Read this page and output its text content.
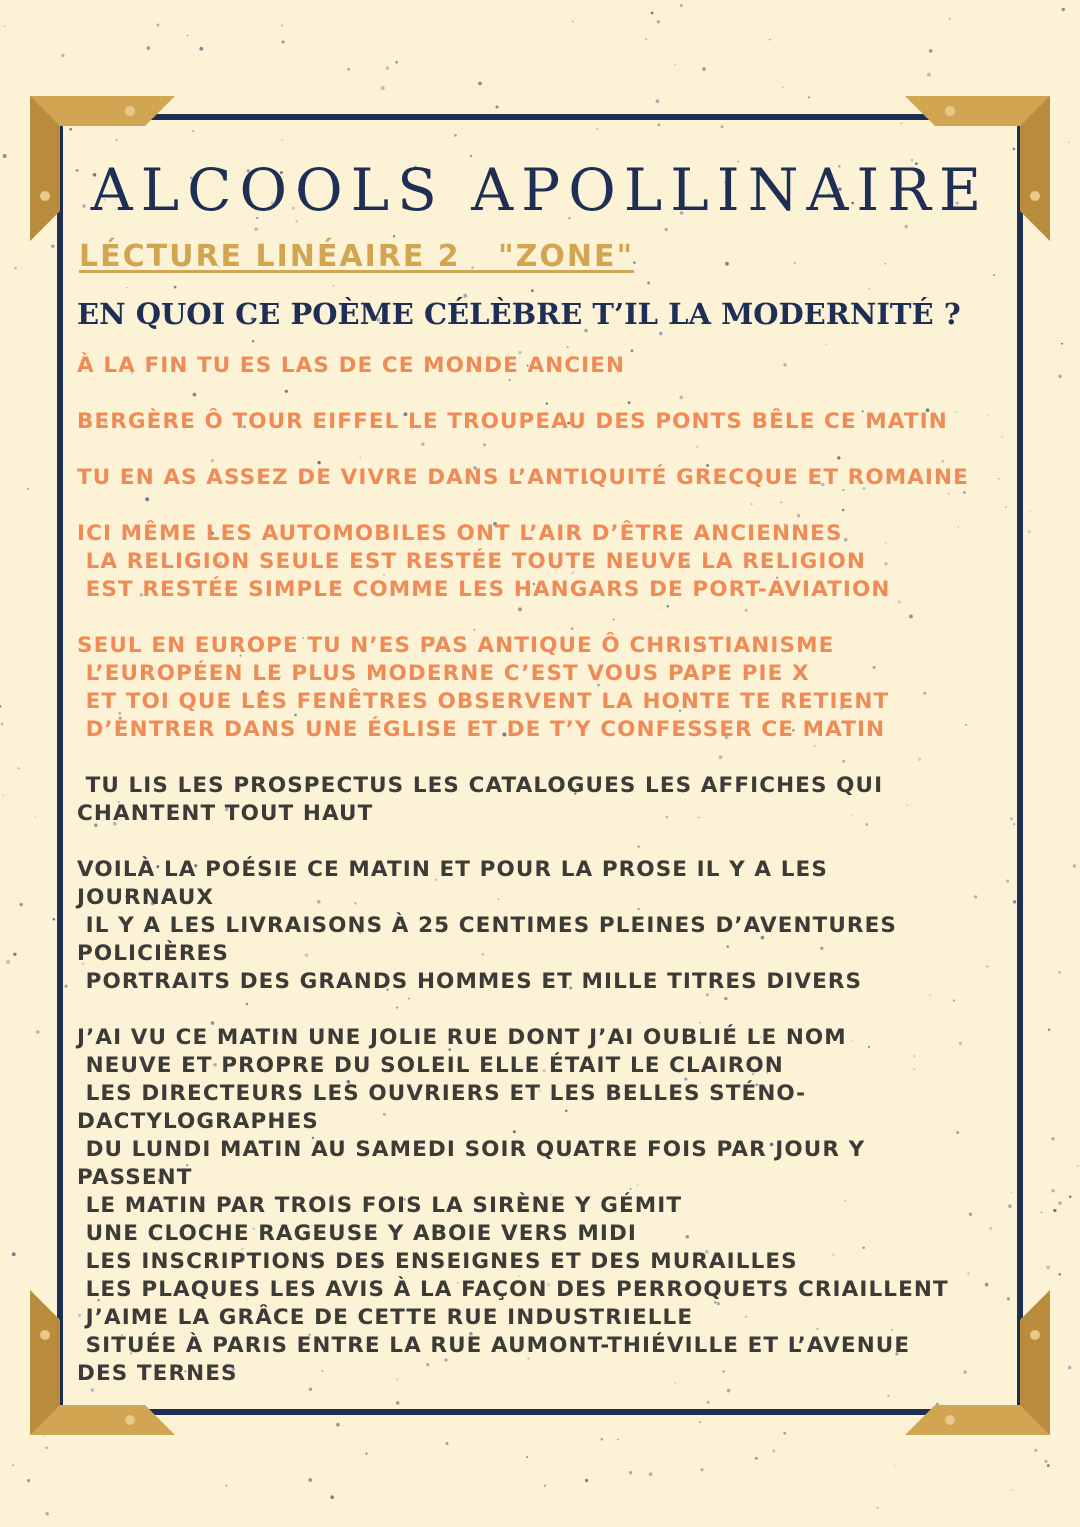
ALCOOLS APOLLINAIRE
LÉCTURE LINÉAIRE 2   "ZONE"
EN QUOI CE POÈME CÉLÈBRE T’IL LA MODERNITÉ ?
À LA FIN TU ES LAS DE CE MONDE ANCIEN
BERGÈRE Ô TOUR EIFFEL LE TROUPEAU DES PONTS BÊLE CE MATIN
TU EN AS ASSEZ DE VIVRE DANS L’ANTIQUITÉ GRECQUE ET ROMAINE
ICI MÊME LES AUTOMOBILES ONT L’AIR D’ÊTRE ANCIENNES
LA RELIGION SEULE EST RESTÉE TOUTE NEUVE LA RELIGION
EST RESTÉE SIMPLE COMME LES HANGARS DE PORT-AVIATION
SEUL EN EUROPE TU N’ES PAS ANTIQUE Ô CHRISTIANISME
L’EUROPÉEN LE PLUS MODERNE C’EST VOUS PAPE PIE X
ET TOI QUE LES FENÊTRES OBSERVENT LA HONTE TE RETIENT
D’ENTRER DANS UNE ÉGLISE ET DE T’Y CONFESSER CE MATIN
TU LIS LES PROSPECTUS LES CATALOGUES LES AFFICHES QUI
CHANTENT TOUT HAUT
VOILÀ LA POÉSIE CE MATIN ET POUR LA PROSE IL Y A LES
JOURNAUX
IL Y A LES LIVRAISONS À 25 CENTIMES PLEINES D’AVENTURES
POLICIÈRES
PORTRAITS DES GRANDS HOMMES ET MILLE TITRES DIVERS
J’AI VU CE MATIN UNE JOLIE RUE DONT J’AI OUBLIÉ LE NOM
NEUVE ET PROPRE DU SOLEIL ELLE ÉTAIT LE CLAIRON
LES DIRECTEURS LES OUVRIERS ET LES BELLES STÉNO-
DACTYLOGRAPHES
DU LUNDI MATIN AU SAMEDI SOIR QUATRE FOIS PAR JOUR Y
PASSENT
LE MATIN PAR TROIS FOIS LA SIRÈNE Y GÉMIT
UNE CLOCHE RAGEUSE Y ABOIE VERS MIDI
LES INSCRIPTIONS DES ENSEIGNES ET DES MURAILLES
LES PLAQUES LES AVIS À LA FAÇON DES PERROQUETS CRIAILLENT
J’AIME LA GRÂCE DE CETTE RUE INDUSTRIELLE
SITUÉE À PARIS ENTRE LA RUE AUMONT-THIÉVILLE ET L’AVENUE
DES TERNES
